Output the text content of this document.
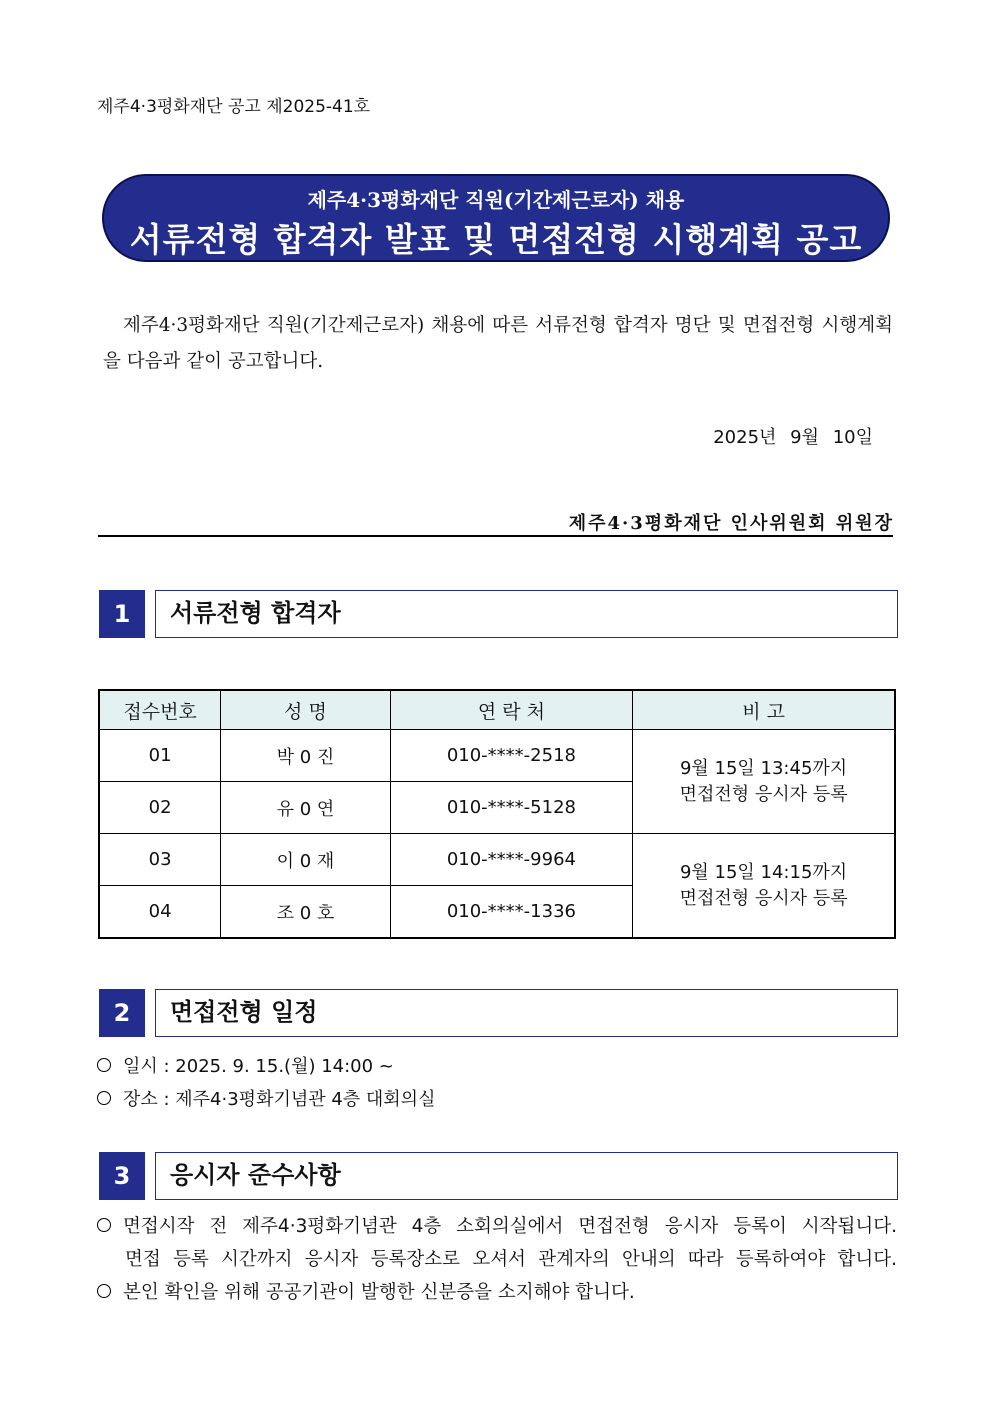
제주4·3평화재단 공고 제2025-41호
제주4·3평화재단 직원(기간제근로자) 채용
서류전형 합격자 발표 및 면접전형 시행계획 공고
제주4·3평화재단 직원(기간제근로자) 채용에 따른 서류전형 합격자 명단 및 면접전형 시행계획을 다음과 같이 공고합니다.
2025년 9월 10일
제주4·3평화재단 인사위원회 위원장
1	서류전형 합격자
접수번호	성 명	연 락 처	비 고
01	박 0 진	010-****-2518	9월 15일 13:45까지
면접전형 응시자 등록

02	유 0 연	010-****-5128	
03	이 0 재	010-****-9964	9월 15일 14:15까지
면접전형 응시자 등록

04	조 0 호	010-****-1336	
2	면접전형 일정
일시 : 2025. 9. 15.(월) 14:00 ~
장소 : 제주4·3평화기념관 4층 대회의실
3	응시자 준수사항
면접시작 전 제주4·3평화기념관 4층 소회의실에서 면접전형 응시자 등록이 시작됩니다.
면접 등록 시간까지 응시자 등록장소로 오셔서 관계자의 안내의 따라 등록하여야 합니다.
본인 확인을 위해 공공기관이 발행한 신분증을 소지해야 합니다.
